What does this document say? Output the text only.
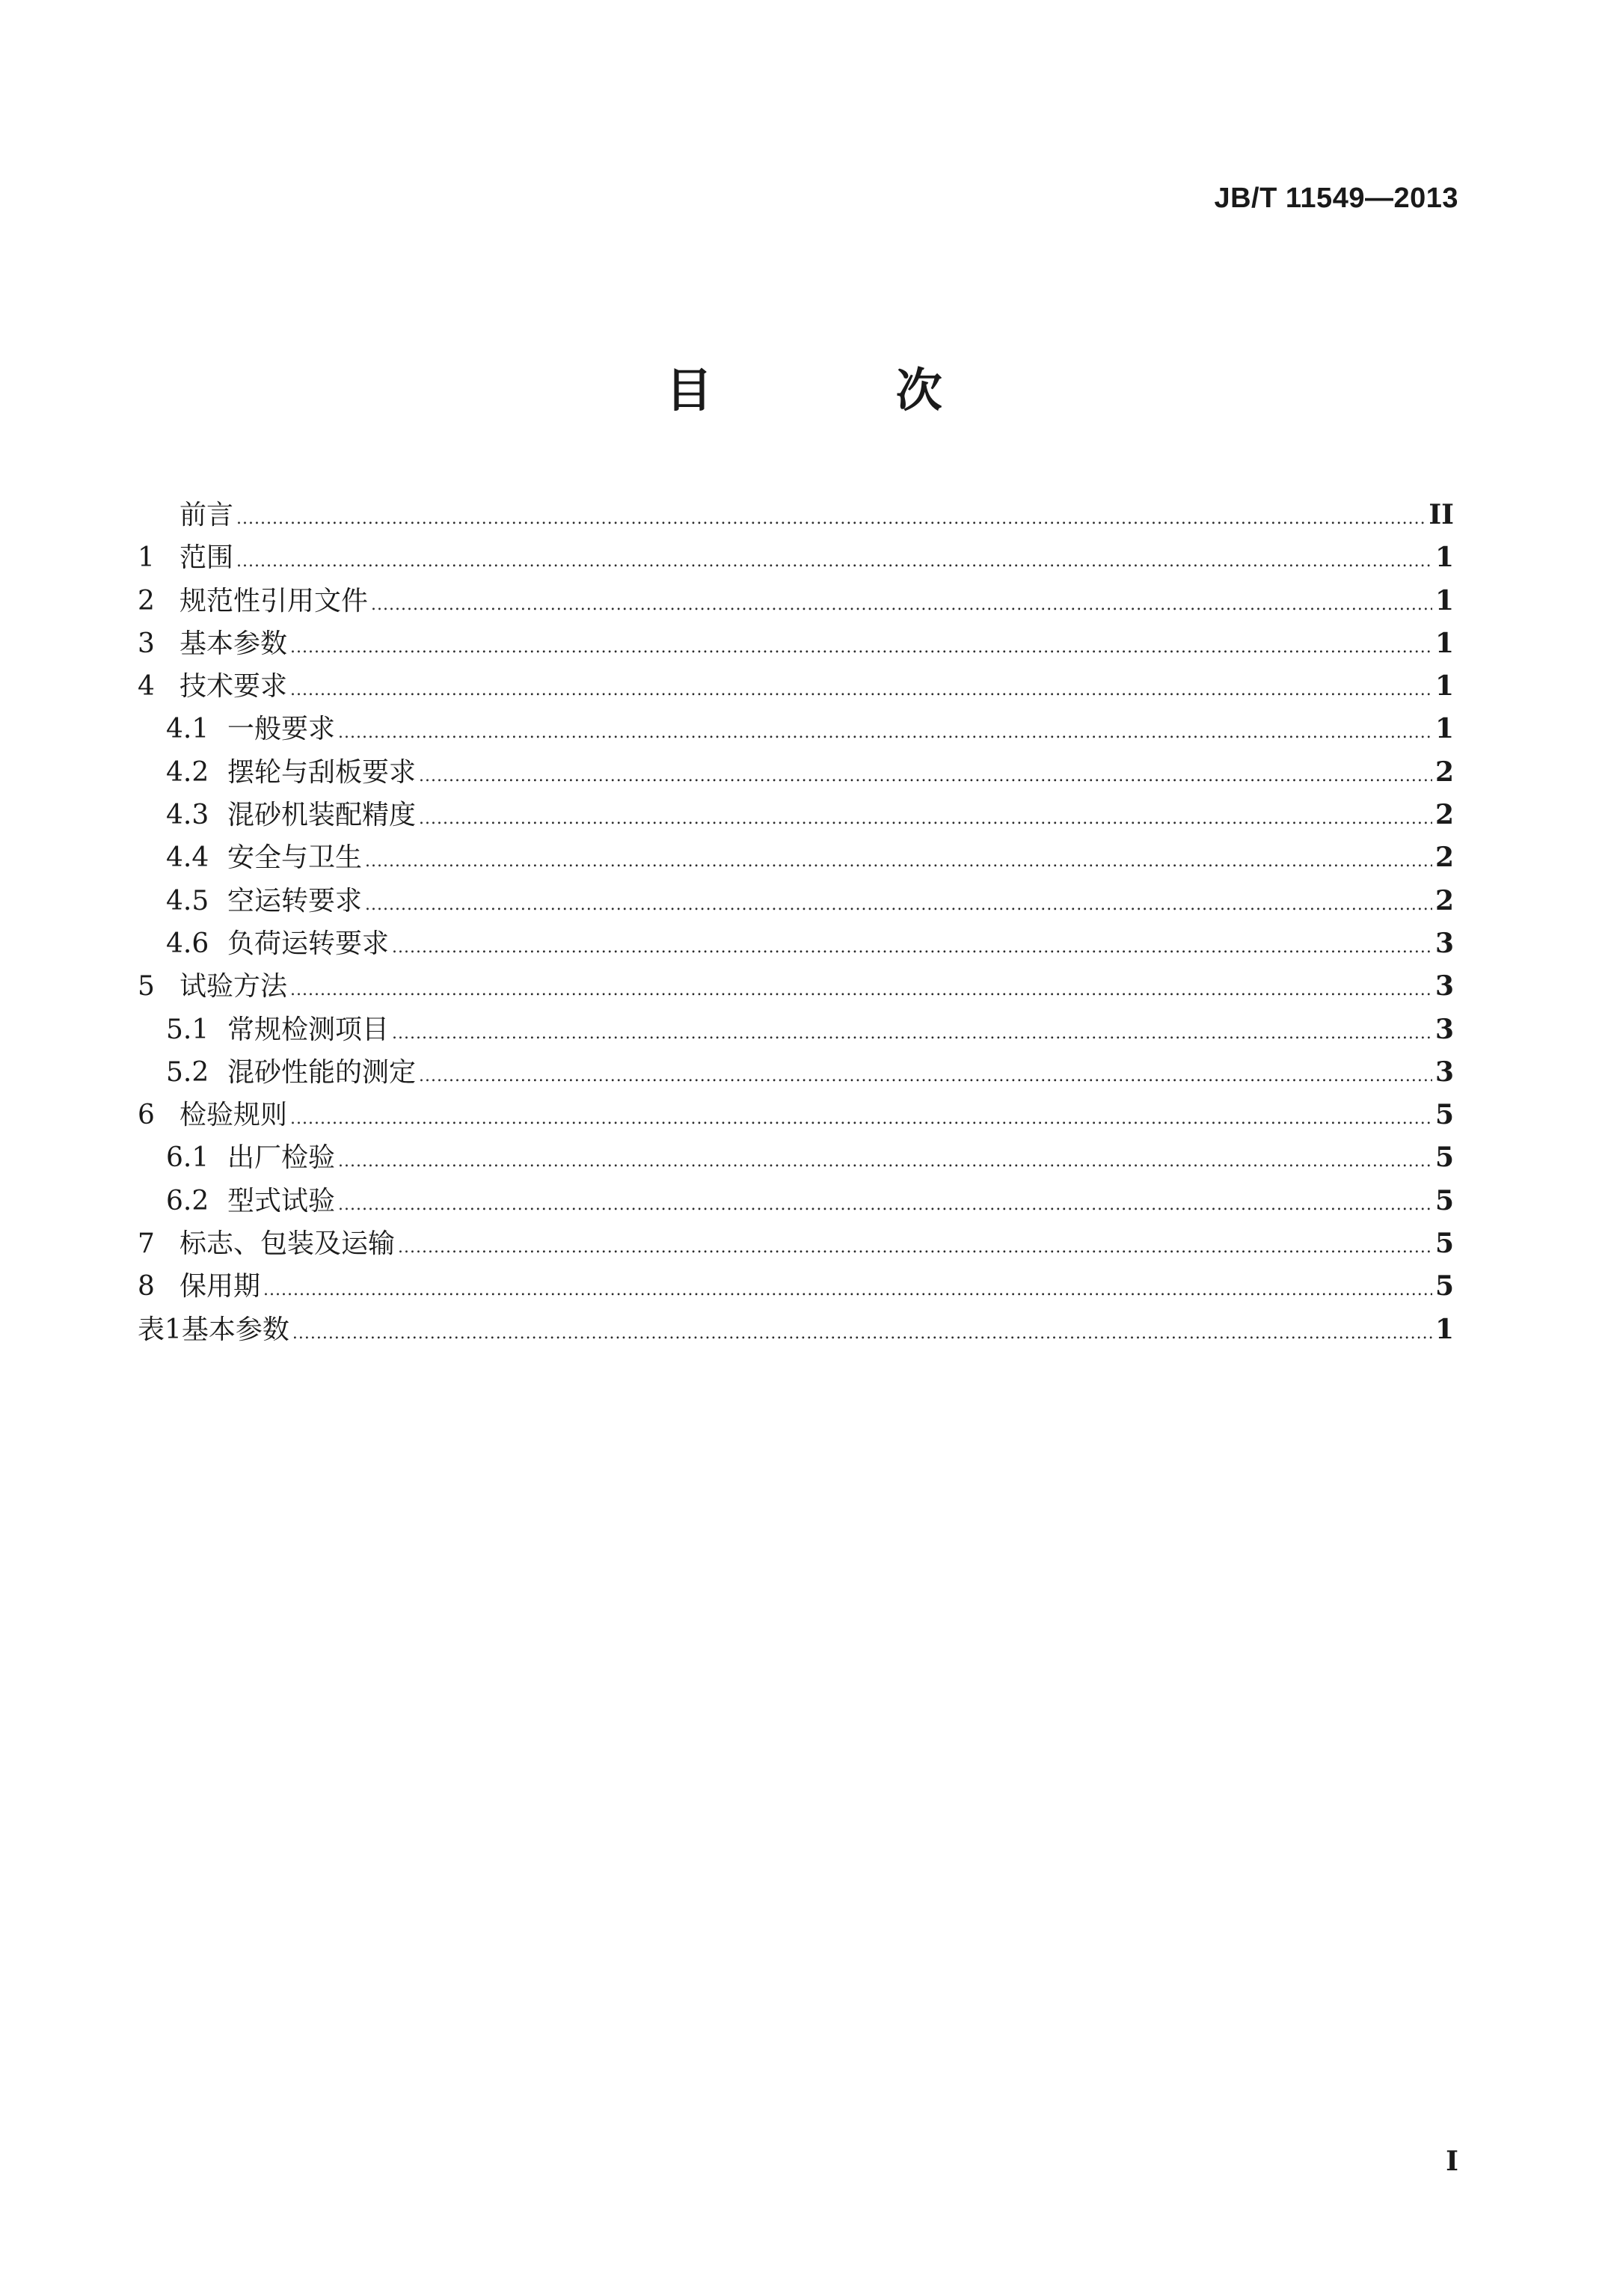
JB/T 11549—2013
目 次
前言 .....	II
1 范围 .....	1
2 规范性引用文件 .....	1
3 基本参数 .....	1
4 技术要求 .....	1
4.1 一般要求 .....	1
4.2 摆轮与刮板要求 .....	2
4.3 混砂机装配精度 .....	2
4.4 安全与卫生 .....	2
4.5 空运转要求 .....	2
4.6 负荷运转要求 .....	3
5 试验方法 .....	3
5.1 常规检测项目 .....	3
5.2 混砂性能的测定 .....	3
6 检验规则 .....	5
6.1 出厂检验 .....	5
6.2 型式试验 .....	5
7 标志、包装及运输 .....	5
8 保用期 .....	5
表1 基本参数 .....	1
I
